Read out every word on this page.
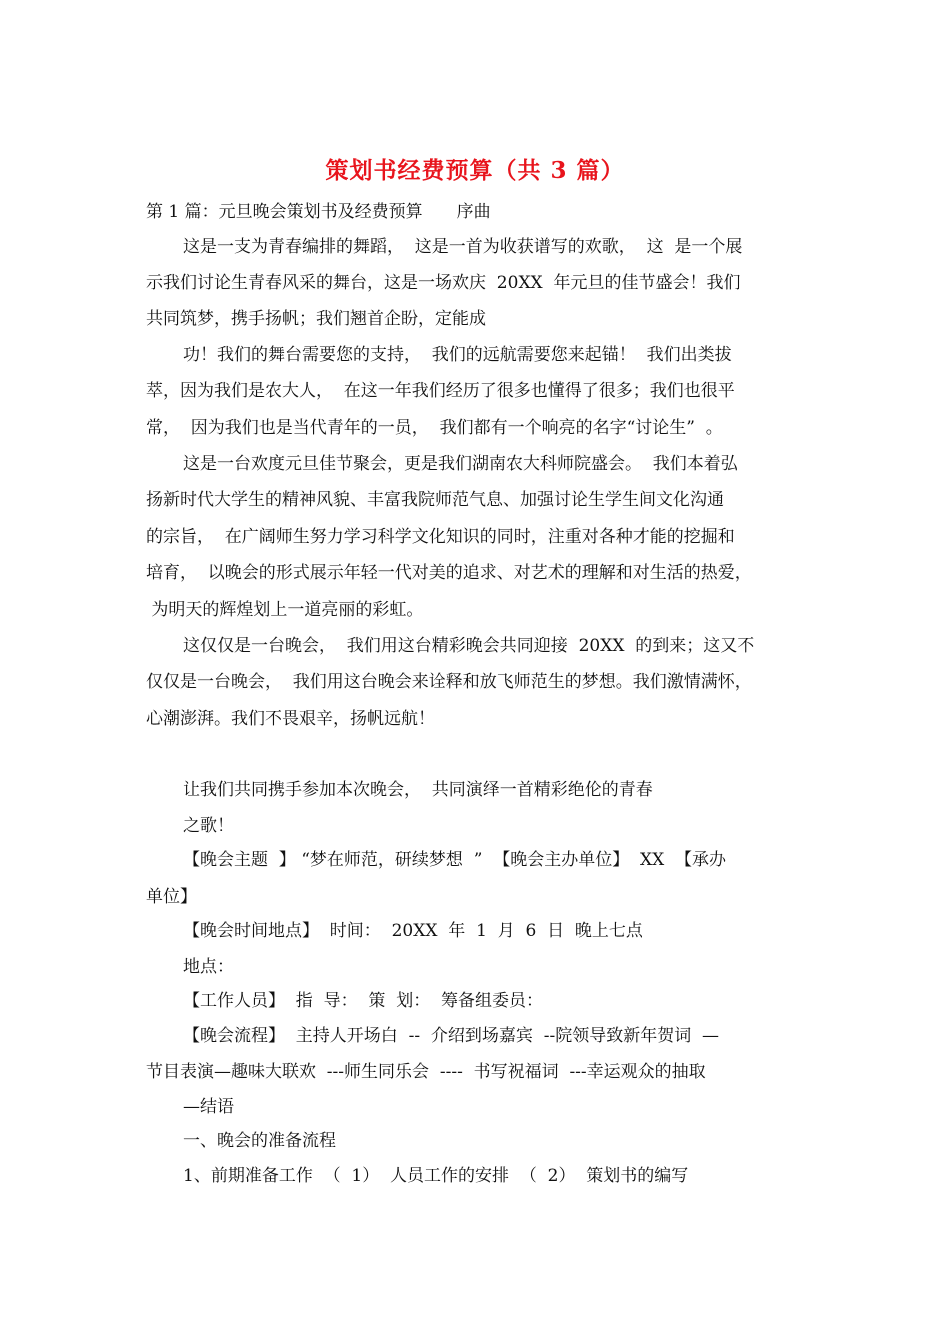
策划书经费预算（共 3 篇）
第 1 篇：元旦晚会策划书及经费预算　　序曲
这是一支为青春编排的舞蹈，  这是一首为收获谱写的欢歌，  这  是一个展
示我们讨论生青春风采的舞台，这是一场欢庆  20XX  年元旦的佳节盛会！我们
共同筑梦，携手扬帆；我们翘首企盼，定能成
功！我们的舞台需要您的支持，  我们的远航需要您来起锚！  我们出类拔
萃，因为我们是农大人，  在这一年我们经历了很多也懂得了很多；我们也很平
常，  因为我们也是当代青年的一员，  我们都有一个响亮的名字“讨论生”  。
这是一台欢度元旦佳节聚会，更是我们湖南农大科师院盛会。  我们本着弘
扬新时代大学生的精神风貌、丰富我院师范气息、加强讨论生学生间文化沟通
的宗旨，  在广阔师生努力学习科学文化知识的同时，注重对各种才能的挖掘和
培育，  以晚会的形式展示年轻一代对美的追求、对艺术的理解和对生活的热爱，
为明天的辉煌划上一道亮丽的彩虹。
这仅仅是一台晚会，  我们用这台精彩晚会共同迎接  20XX  的到来；这又不
仅仅是一台晚会，  我们用这台晚会来诠释和放飞师范生的梦想。我们激情满怀，
心潮澎湃。我们不畏艰辛，扬帆远航！
让我们共同携手参加本次晚会，  共同演绎一首精彩绝伦的青春
之歌！
【晚会主题  】 “梦在师范，研续梦想  ”  【晚会主办单位】  XX  【承办
单位】
【晚会时间地点】  时间：  20XX  年  1  月  6  日  晚上七点
地点：
【工作人员】  指  导：  策  划：  筹备组委员：
【晚会流程】  主持人开场白  --  介绍到场嘉宾  --院领导致新年贺词  —
节目表演—趣味大联欢  ---师生同乐会  ----  书写祝福词  ---幸运观众的抽取
—结语
一、晚会的准备流程
1、前期准备工作  （  1）  人员工作的安排  （  2）  策划书的编写
